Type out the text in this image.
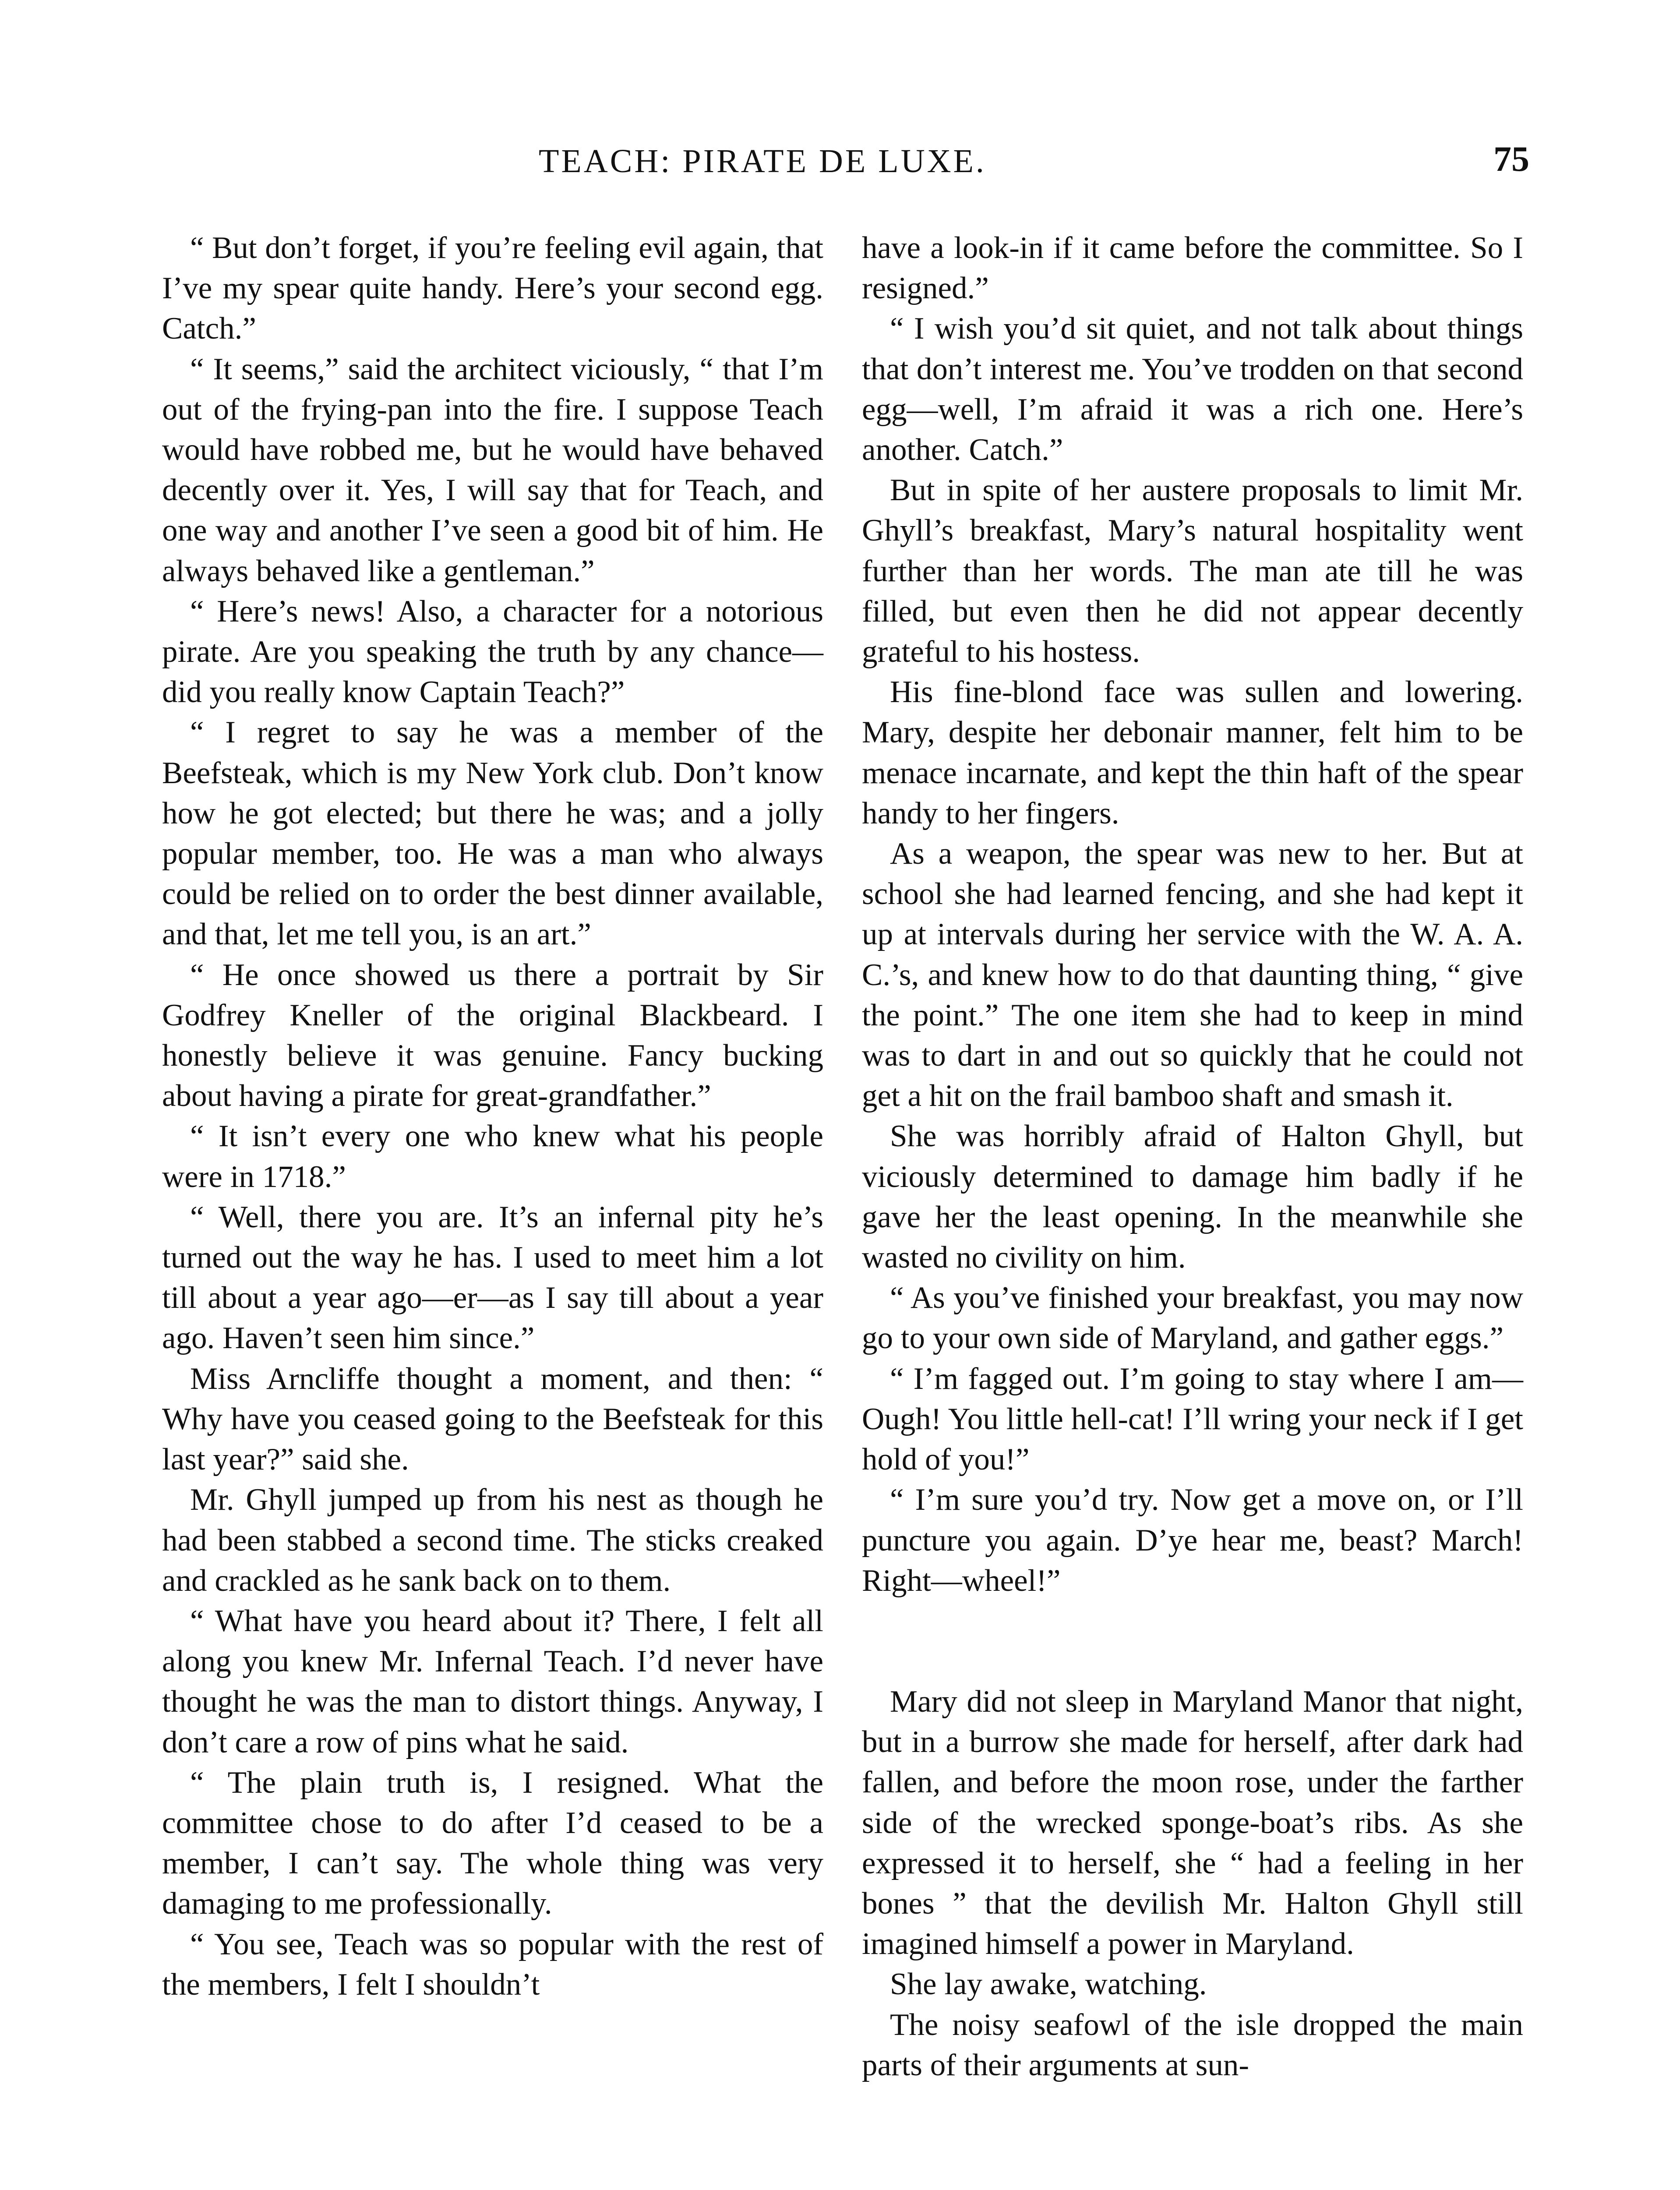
TEACH: PIRATE DE LUXE.	75

“ But don’t forget, if you’re feeling evil again, that I’ve my spear quite handy. Here’s your second egg. Catch.”

“ It seems,” said the architect viciously, “ that I’m out of the frying-pan into the fire. I suppose Teach would have robbed me, but he would have behaved decently over it. Yes, I will say that for Teach, and one way and another I’ve seen a good bit of him. He always behaved like a gentleman.”

“ Here’s news! Also, a character for a notorious pirate. Are you speaking the truth by any chance—did you really know Captain Teach?”

“ I regret to say he was a member of the Beefsteak, which is my New York club. Don’t know how he got elected; but there he was; and a jolly popular member, too. He was a man who always could be relied on to order the best dinner available, and that, let me tell you, is an art.”

“ He once showed us there a portrait by Sir Godfrey Kneller of the original Blackbeard. I honestly believe it was genuine. Fancy bucking about having a pirate for great-grandfather.”

“ It isn’t every one who knew what his people were in 1718.”

“ Well, there you are. It’s an infernal pity he’s turned out the way he has. I used to meet him a lot till about a year ago—er—as I say till about a year ago. Haven’t seen him since.”

Miss Arncliffe thought a moment, and then: “ Why have you ceased going to the Beefsteak for this last year?” said she.

Mr. Ghyll jumped up from his nest as though he had been stabbed a second time. The sticks creaked and crackled as he sank back on to them.

“ What have you heard about it? There, I felt all along you knew Mr. Infernal Teach. I’d never have thought he was the man to distort things. Anyway, I don’t care a row of pins what he said.

“ The plain truth is, I resigned. What the committee chose to do after I’d ceased to be a member, I can’t say. The whole thing was very damaging to me professionally.

“ You see, Teach was so popular with the rest of the members, I felt I shouldn’t

have a look-in if it came before the committee. So I resigned.”

“ I wish you’d sit quiet, and not talk about things that don’t interest me. You’ve trodden on that second egg—well, I’m afraid it was a rich one. Here’s another. Catch.”

But in spite of her austere proposals to limit Mr. Ghyll’s breakfast, Mary’s natural hospitality went further than her words. The man ate till he was filled, but even then he did not appear decently grateful to his hostess.

His fine-blond face was sullen and lowering. Mary, despite her debonair manner, felt him to be menace incarnate, and kept the thin haft of the spear handy to her fingers.

As a weapon, the spear was new to her. But at school she had learned fencing, and she had kept it up at intervals during her service with the W. A. A. C.’s, and knew how to do that daunting thing, “ give the point.” The one item she had to keep in mind was to dart in and out so quickly that he could not get a hit on the frail bamboo shaft and smash it.

She was horribly afraid of Halton Ghyll, but viciously determined to damage him badly if he gave her the least opening. In the meanwhile she wasted no civility on him.

“ As you’ve finished your breakfast, you may now go to your own side of Maryland, and gather eggs.”

“ I’m fagged out. I’m going to stay where I am— Ough! You little hell-cat! I’ll wring your neck if I get hold of you!”

“ I’m sure you’d try. Now get a move on, or I’ll puncture you again. D’ye hear me, beast? March! Right—wheel!”

Mary did not sleep in Maryland Manor that night, but in a burrow she made for herself, after dark had fallen, and before the moon rose, under the farther side of the wrecked sponge-boat’s ribs. As she expressed it to herself, she “ had a feeling in her bones ” that the devilish Mr. Halton Ghyll still imagined himself a power in Maryland.

She lay awake, watching.

The noisy seafowl of the isle dropped the main parts of their arguments at sun-
